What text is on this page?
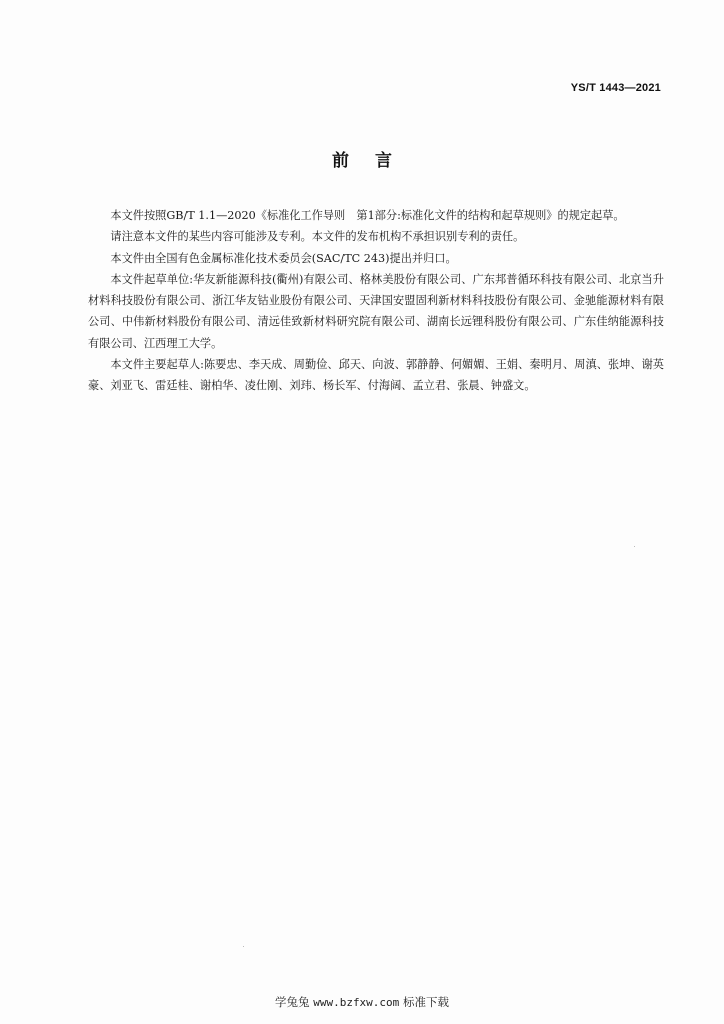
YS/T 1443—2021
前言

本文件按照GB/T 1.1—2020《标准化工作导则　第1部分:标准化文件的结构和起草规则》的规定起草。

请注意本文件的某些内容可能涉及专利。本文件的发布机构不承担识别专利的责任。

本文件由全国有色金属标准化技术委员会(SAC/TC 243)提出并归口。

本文件起草单位:华友新能源科技(衢州)有限公司、格林美股份有限公司、广东邦普循环科技有限公司、北京当升材料科技股份有限公司、浙江华友钴业股份有限公司、天津国安盟固利新材料科技股份有限公司、金驰能源材料有限公司、中伟新材料股份有限公司、清远佳致新材料研究院有限公司、湖南长远锂科股份有限公司、广东佳纳能源科技有限公司、江西理工大学。

本文件主要起草人:陈要忠、李天成、周勤俭、邱天、向波、郭静静、何媚媚、王娟、秦明月、周滇、张坤、谢英豪、刘亚飞、雷廷桂、谢柏华、凌仕刚、刘玮、杨长军、付海阔、孟立君、张晨、钟盛文。

学兔兔 www.bzfxw.com 标准下载
